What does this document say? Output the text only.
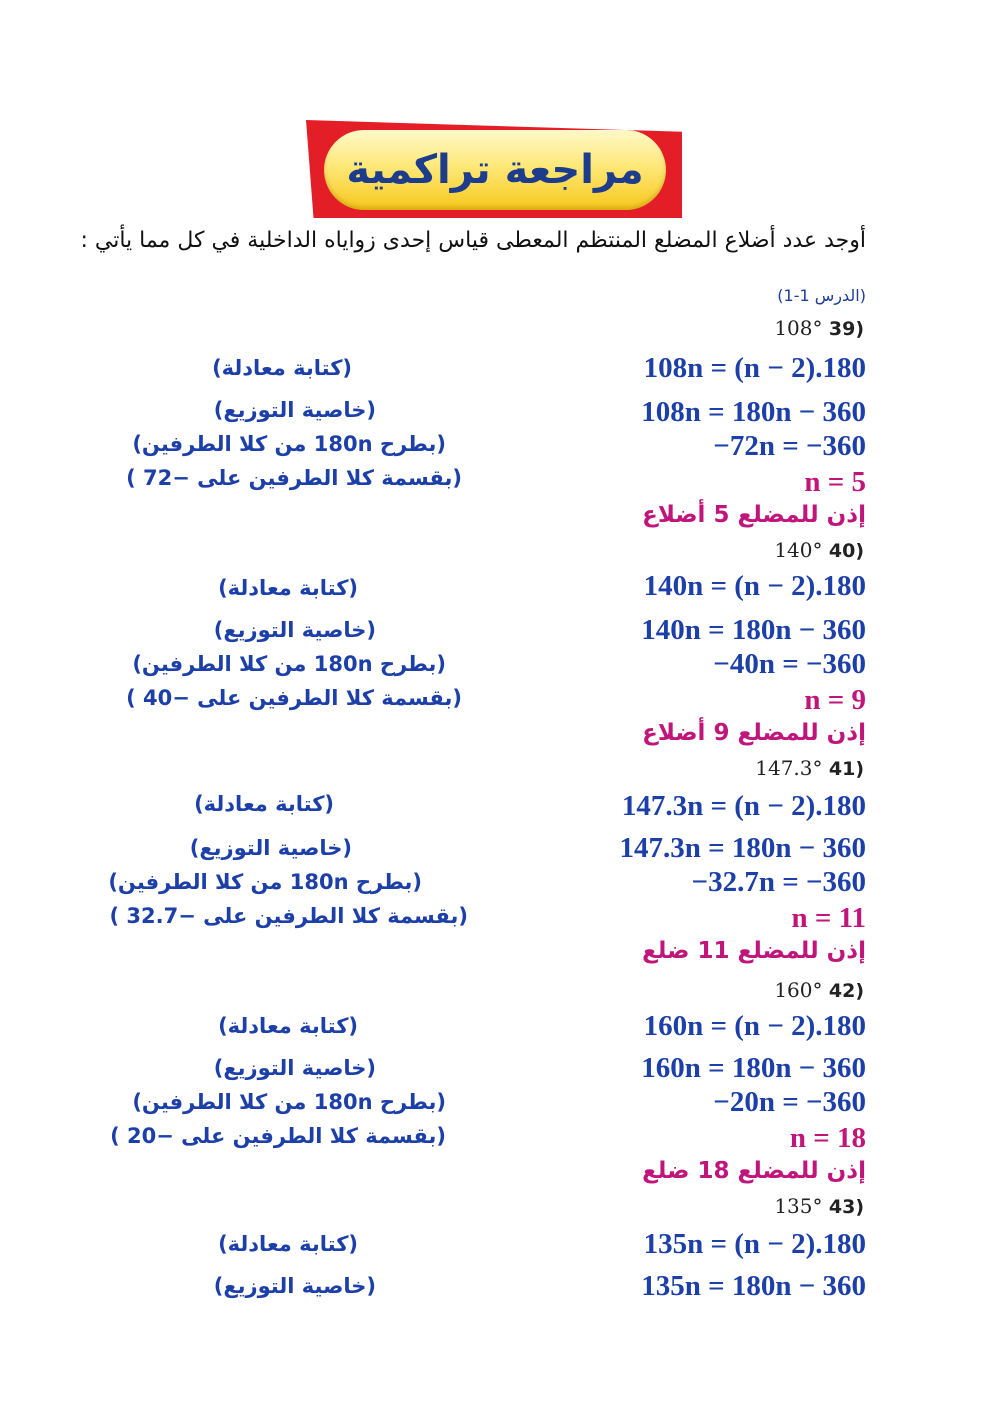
مراجعة تراكمية
أوجد عدد أضلاع المضلع المنتظم المعطى قياس إحدى زواياه الداخلية في كل مما يأتي :
(الدرس 1-1)
108° 39)
108n = (n − 2).180
108n = 180n − 360
−72n = −360
n = 5
إذن للمضلع 5 أضلاع
(كتابة معادلة)
(خاصية التوزيع)
(بطرح 180n من كلا الطرفين)
(بقسمة كلا الطرفين على −72 )
140° 40)
140n = (n − 2).180
140n = 180n − 360
−40n = −360
n = 9
إذن للمضلع 9 أضلاع
(كتابة معادلة)
(خاصية التوزيع)
(بطرح 180n من كلا الطرفين)
(بقسمة كلا الطرفين على −40 )
147.3° 41)
147.3n = (n − 2).180
147.3n = 180n − 360
−32.7n = −360
n = 11
إذن للمضلع 11 ضلع
(كتابة معادلة)
(خاصية التوزيع)
(بطرح 180n من كلا الطرفين)
(بقسمة كلا الطرفين على −32.7 )
160° 42)
160n = (n − 2).180
160n = 180n − 360
−20n = −360
n = 18
إذن للمضلع 18 ضلع
(كتابة معادلة)
(خاصية التوزيع)
(بطرح 180n من كلا الطرفين)
(بقسمة كلا الطرفين على −20 )
135° 43)
135n = (n − 2).180
135n = 180n − 360
(كتابة معادلة)
(خاصية التوزيع)
